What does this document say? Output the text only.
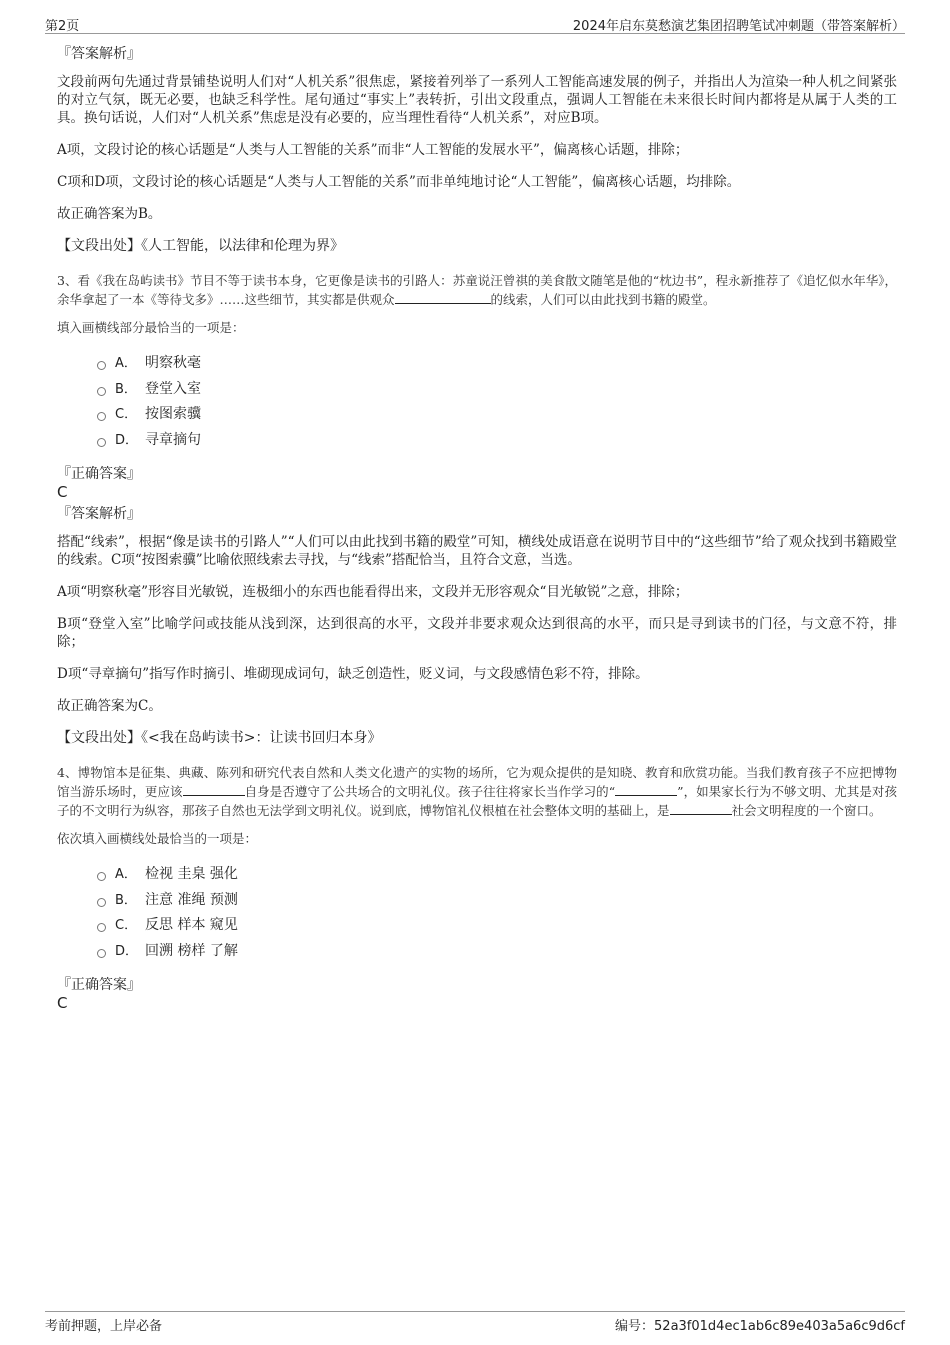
第2页	2024年启东莫愁演艺集团招聘笔试冲刺题（带答案解析）
『答案解析』

文段前两句先通过背景铺垫说明人们对“人机关系”很焦虑，紧接着列举了一系列人工智能高速发展的例子，并指出人为渲染一种人机之间紧张的对立气氛，既无必要，也缺乏科学性。尾句通过“事实上”表转折，引出文段重点，强调人工智能在未来很长时间内都将是从属于人类的工具。换句话说，人们对“人机关系”焦虑是没有必要的，应当理性看待“人机关系”，对应B项。

A项，文段讨论的核心话题是“人类与人工智能的关系”而非“人工智能的发展水平”，偏离核心话题，排除；

C项和D项，文段讨论的核心话题是“人类与人工智能的关系”而非单纯地讨论“人工智能”，偏离核心话题，均排除。

故正确答案为B。

【文段出处】《人工智能，以法律和伦理为界》

3、看《我在岛屿读书》节目不等于读书本身，它更像是读书的引路人：苏童说汪曾祺的美食散文随笔是他的“枕边书”，程永新推荐了《追忆似水年华》，余华拿起了一本《等待戈多》……这些细节，其实都是供观众	的线索，人们可以由此找到书籍的殿堂。

填入画横线部分最恰当的一项是：

A． 明察秋毫
B． 登堂入室
C． 按图索骥
D． 寻章摘句
『正确答案』
C
『答案解析』

搭配“线索”，根据“像是读书的引路人”“人们可以由此找到书籍的殿堂”可知，横线处成语意在说明节目中的“这些细节”给了观众找到书籍殿堂的线索。C项“按图索骥”比喻依照线索去寻找，与“线索”搭配恰当，且符合文意，当选。

A项“明察秋毫”形容目光敏锐，连极细小的东西也能看得出来，文段并无形容观众“目光敏锐”之意，排除；

B项“登堂入室”比喻学问或技能从浅到深，达到很高的水平，文段并非要求观众达到很高的水平，而只是寻到读书的门径，与文意不符，排除；

D项“寻章摘句”指写作时摘引、堆砌现成词句，缺乏创造性，贬义词，与文段感情色彩不符，排除。

故正确答案为C。

【文段出处】《<我在岛屿读书>：让读书回归本身》

4、博物馆本是征集、典藏、陈列和研究代表自然和人类文化遗产的实物的场所，它为观众提供的是知晓、教育和欣赏功能。当我们教育孩子不应把博物馆当游乐场时，更应该	自身是否遵守了公共场合的文明礼仪。孩子往往将家长当作学习的“	”，如果家长行为不够文明、尤其是对孩子的不文明行为纵容，那孩子自然也无法学到文明礼仪。说到底，博物馆礼仪根植在社会整体文明的基础上，是	社会文明程度的一个窗口。

依次填入画横线处最恰当的一项是：

A． 检视 圭臬 强化
B． 注意 准绳 预测
C． 反思 样本 窥见
D． 回溯 榜样 了解
『正确答案』
C
考前押题，上岸必备	编号：52a3f01d4ec1ab6c89e403a5a6c9d6cf
